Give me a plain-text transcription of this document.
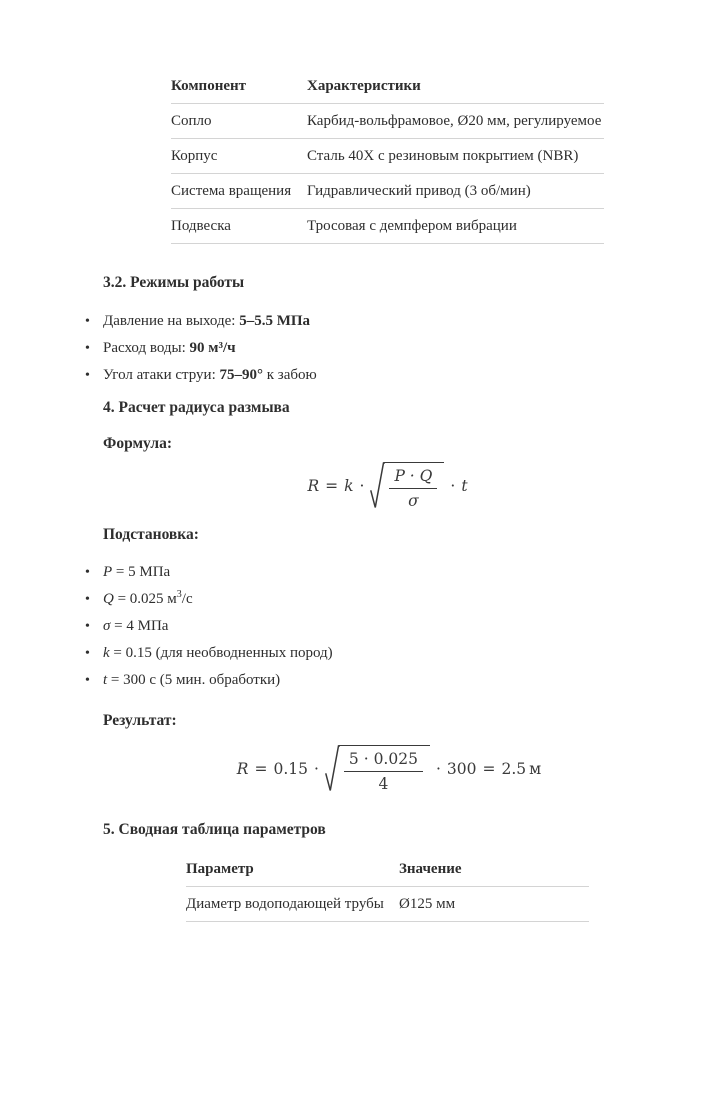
Компонент	Характеристики
Сопло	Карбид-вольфрамовое, Ø20 мм, регулируемое
Корпус	Сталь 40Х с резиновым покрытием (NBR)
Система вращения	Гидравлический привод (3 об/мин)
Подвеска	Тросовая с демпфером вибрации
3.2. Режимы работы
• Давление на выходе: 5–5.5 МПа
• Расход воды: 90 м³/ч
• Угол атаки струи: 75–90° к забою
4. Расчет радиуса размыва
Формула:
$R = k \cdot \frac{P \cdot Q}{\sigma} \cdot t$
Подстановка:
• P = 5 МПа
• Q = 0.025 $м^3/с$
• σ = 4 МПа
• k = 0.15 (для необводненных пород)
• t = 300 с (5 мин. обработки)
Результат:
$R = 0.15 \cdot \frac{5 \cdot 0.025}{4} \cdot 300 = 2.5$ м
5. Сводная таблица параметров
Параметр	Значение
Диаметр водоподающей трубы	Ø125 мм
